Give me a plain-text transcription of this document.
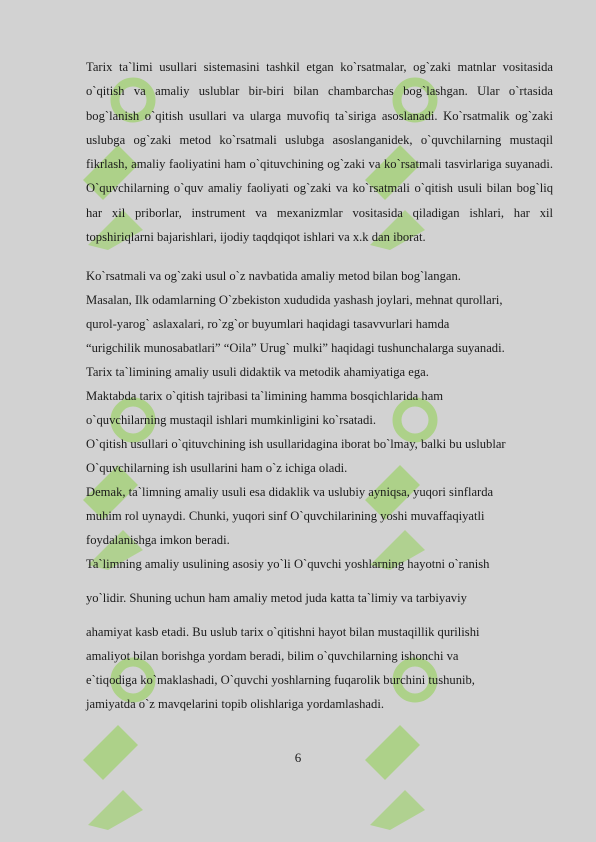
Tarix ta`limi usullari sistemasini tashkil etgan ko`rsatmalar, og`zaki matnlar vositasida o`qitish va amaliy uslublar bir-biri bilan chambarchas bog`lashgan. Ular o`rtasida bog`lanish o`qitish usullari va ularga muvofiq ta`siriga asoslanadi. Ko`rsatmalik og`zaki uslubga og`zaki metod ko`rsatmali uslubga asoslanganidek, o`quvchilarning mustaqil fikrlash, amaliy faoliyatini ham o`qituvchining og`zaki va ko`rsatmali tasvirlariga suyanadi. O`quvchilarning o`quv amaliy faoliyati og`zaki va ko`rsatmali o`qitish usuli bilan bog`liq har xil priborlar, instrument va mexanizmlar vositasida qiladigan ishlari, har xil topshiriqlarni bajarishlari, ijodiy taqdqiqot ishlari va x.k dan iborat.

Ko`rsatmali va og`zaki usul o`z navbatida amaliy metod bilan bog`langan.
Masalan, Ilk odamlarning O`zbekiston xududida yashash joylari, mehnat qurollari,
qurol-yarog` aslaxalari, ro`zg`or buyumlari haqidagi tasavvurlari hamda
“urigchilik munosabatlari” “Oila” Urug` mulki” haqidagi tushunchalarga suyanadi.
Tarix ta`limining amaliy usuli didaktik va metodik ahamiyatiga ega.
Maktabda tarix o`qitish tajribasi ta`limining hamma bosqichlarida ham
o`quvchilarning mustaqil ishlari mumkinligini ko`rsatadi.
O`qitish usullari o`qituvchining ish usullaridagina iborat bo`lmay, balki bu uslublar
O`quvchilarning ish usullarini ham o`z ichiga oladi.
Demak, ta`limning amaliy usuli esa didaklik va uslubiy ayniqsa, yuqori sinflarda
muhim rol uynaydi. Chunki, yuqori sinf O`quvchilarining yoshi muvaffaqiyatli
foydalanishga imkon beradi.
Ta`limning amaliy usulining asosiy yo`li O`quvchi yoshlarning hayotni o`ranish
yo`lidir. Shuning uchun ham amaliy metod juda katta ta`limiy va tarbiyaviy
ahamiyat kasb etadi. Bu uslub tarix o`qitishni hayot bilan mustaqillik qurilishi
amaliyot bilan borishga yordam beradi, bilim o`quvchilarning ishonchi va
e`tiqodiga ko`maklashadi, O`quvchi yoshlarning fuqarolik burchini tushunib,
jamiyatda o`z mavqelarini topib olishlariga yordamlashadi.
6
